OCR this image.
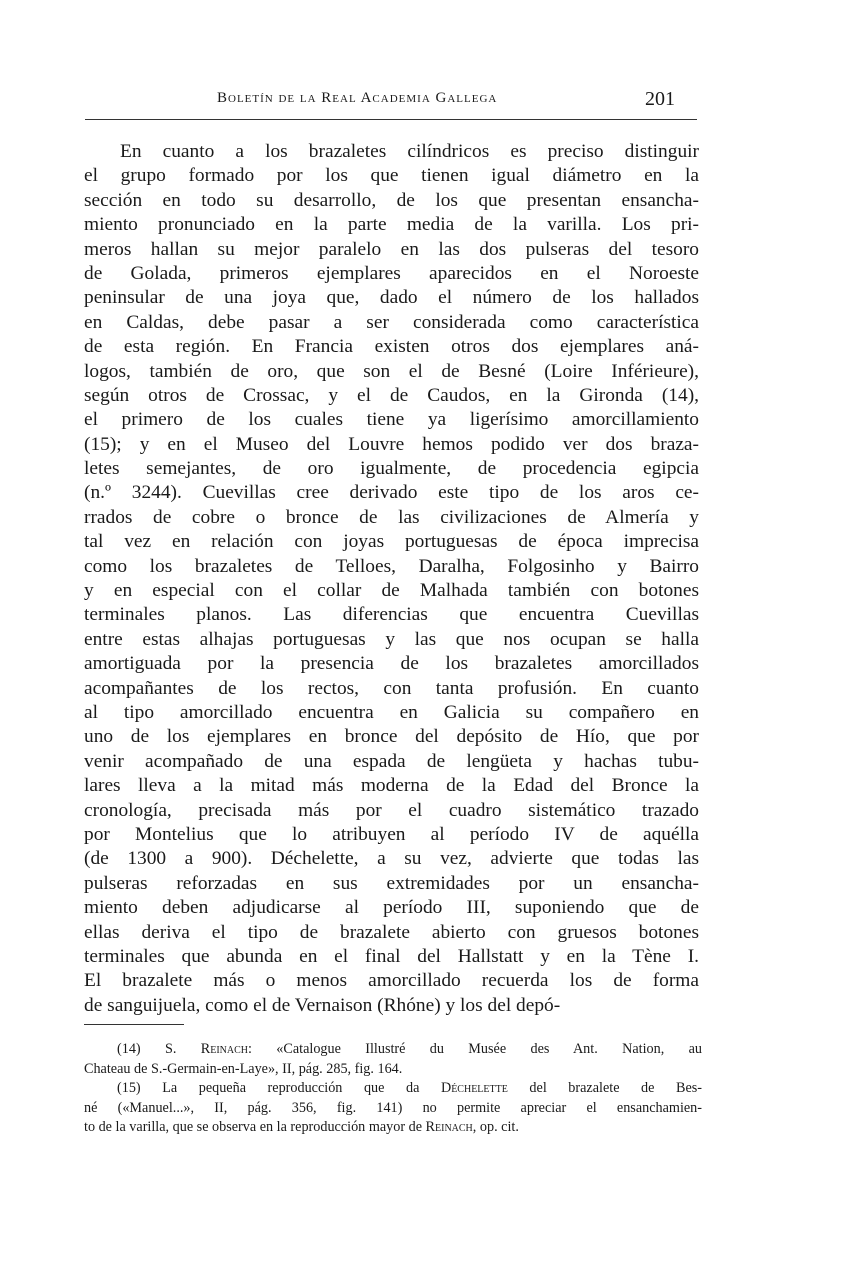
Boletín de la Real Academia Gallega	201
En cuanto a los brazaletes cilíndricos es preciso distinguir
el grupo formado por los que tienen igual diámetro en la
sección en todo su desarrollo, de los que presentan ensancha-
miento pronunciado en la parte media de la varilla. Los pri-
meros hallan su mejor paralelo en las dos pulseras del tesoro
de Golada, primeros ejemplares aparecidos en el Noroeste
peninsular de una joya que, dado el número de los hallados
en Caldas, debe pasar a ser considerada como característica
de esta región. En Francia existen otros dos ejemplares aná-
logos, también de oro, que son el de Besné (Loire Inférieure),
según otros de Crossac, y el de Caudos, en la Gironda (14),
el primero de los cuales tiene ya ligerísimo amorcillamiento
(15); y en el Museo del Louvre hemos podido ver dos braza-
letes semejantes, de oro igualmente, de procedencia egipcia
(n.º 3244). Cuevillas cree derivado este tipo de los aros ce-
rrados de cobre o bronce de las civilizaciones de Almería y
tal vez en relación con joyas portuguesas de época imprecisa
como los brazaletes de Telloes, Daralha, Folgosinho y Bairro
y en especial con el collar de Malhada también con botones
terminales planos. Las diferencias que encuentra Cuevillas
entre estas alhajas portuguesas y las que nos ocupan se halla
amortiguada por la presencia de los brazaletes amorcillados
acompañantes de los rectos, con tanta profusión. En cuanto
al tipo amorcillado encuentra en Galicia su compañero en
uno de los ejemplares en bronce del depósito de Hío, que por
venir acompañado de una espada de lengüeta y hachas tubu-
lares lleva a la mitad más moderna de la Edad del Bronce la
cronología, precisada más por el cuadro sistemático trazado
por Montelius que lo atribuyen al período IV de aquélla
(de 1300 a 900). Déchelette, a su vez, advierte que todas las
pulseras reforzadas en sus extremidades por un ensancha-
miento deben adjudicarse al período III, suponiendo que de
ellas deriva el tipo de brazalete abierto con gruesos botones
terminales que abunda en el final del Hallstatt y en la Tène I.
El brazalete más o menos amorcillado recuerda los de forma
de sanguijuela, como el de Vernaison (Rhóne) y los del depó-
(14) S. Reinach: «Catalogue Illustré du Musée des Ant. Nation, au
Chateau de S.-Germain-en-Laye», II, pág. 285, fig. 164.
(15) La pequeña reproducción que da Déchelette del brazalete de Bes-
né («Manuel...», II, pág. 356, fig. 141) no permite apreciar el ensanchamien-
to de la varilla, que se observa en la reproducción mayor de Reinach, op. cit.
